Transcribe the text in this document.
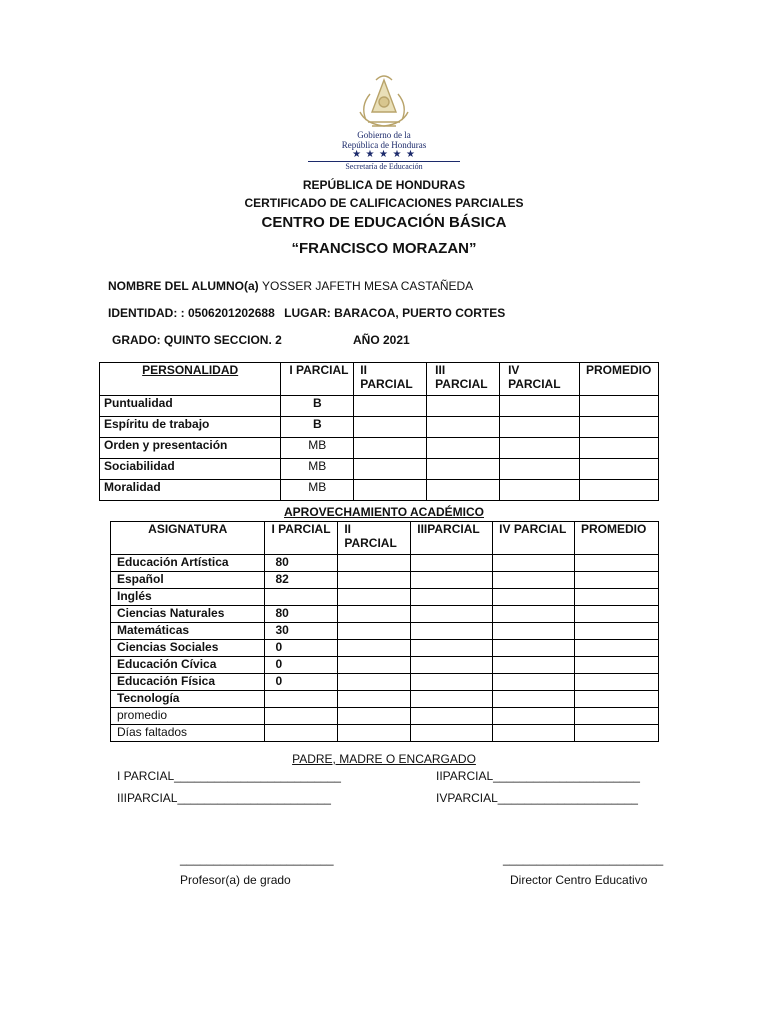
Gobierno de la
República de Honduras
★ ★ ★ ★ ★
Secretaría de Educación
REPÚBLICA DE HONDURAS
CERTIFICADO DE CALIFICACIONES PARCIALES
CENTRO DE EDUCACIÓN BÁSICA
“FRANCISCO MORAZAN”
NOMBRE DEL ALUMNO(a) YOSSER JAFETH MESA CASTAÑEDA
IDENTIDAD: : 0506201202688 LUGAR: BARACOA, PUERTO CORTES
GRADO: QUINTO SECCION. 2	AÑO 2021
PERSONALIDAD	I PARCIAL	II PARCIAL	III PARCIAL	IV PARCIAL	PROMEDIO
Puntualidad	B				
Espíritu de trabajo	B				
Orden y presentación	MB				
Sociabilidad	MB				
Moralidad	MB				
APROVECHAMIENTO ACADÉMICO
ASIGNATURA	I PARCIAL	II PARCIAL	IIIPARCIAL	IV PARCIAL	PROMEDIO
Educación Artística	80				
Español	82				
Inglés					
Ciencias Naturales	80				
Matemáticas	30				
Ciencias Sociales	0				
Educación Cívica	0				
Educación Física	0				
Tecnología					
promedio					
Días faltados					
PADRE, MADRE O ENCARGADO
I PARCIAL_________________________	IIPARCIAL______________________
IIIPARCIAL_______________________	IVPARCIAL_____________________
_______________________
Profesor(a) de grado
________________________
Director Centro Educativo
